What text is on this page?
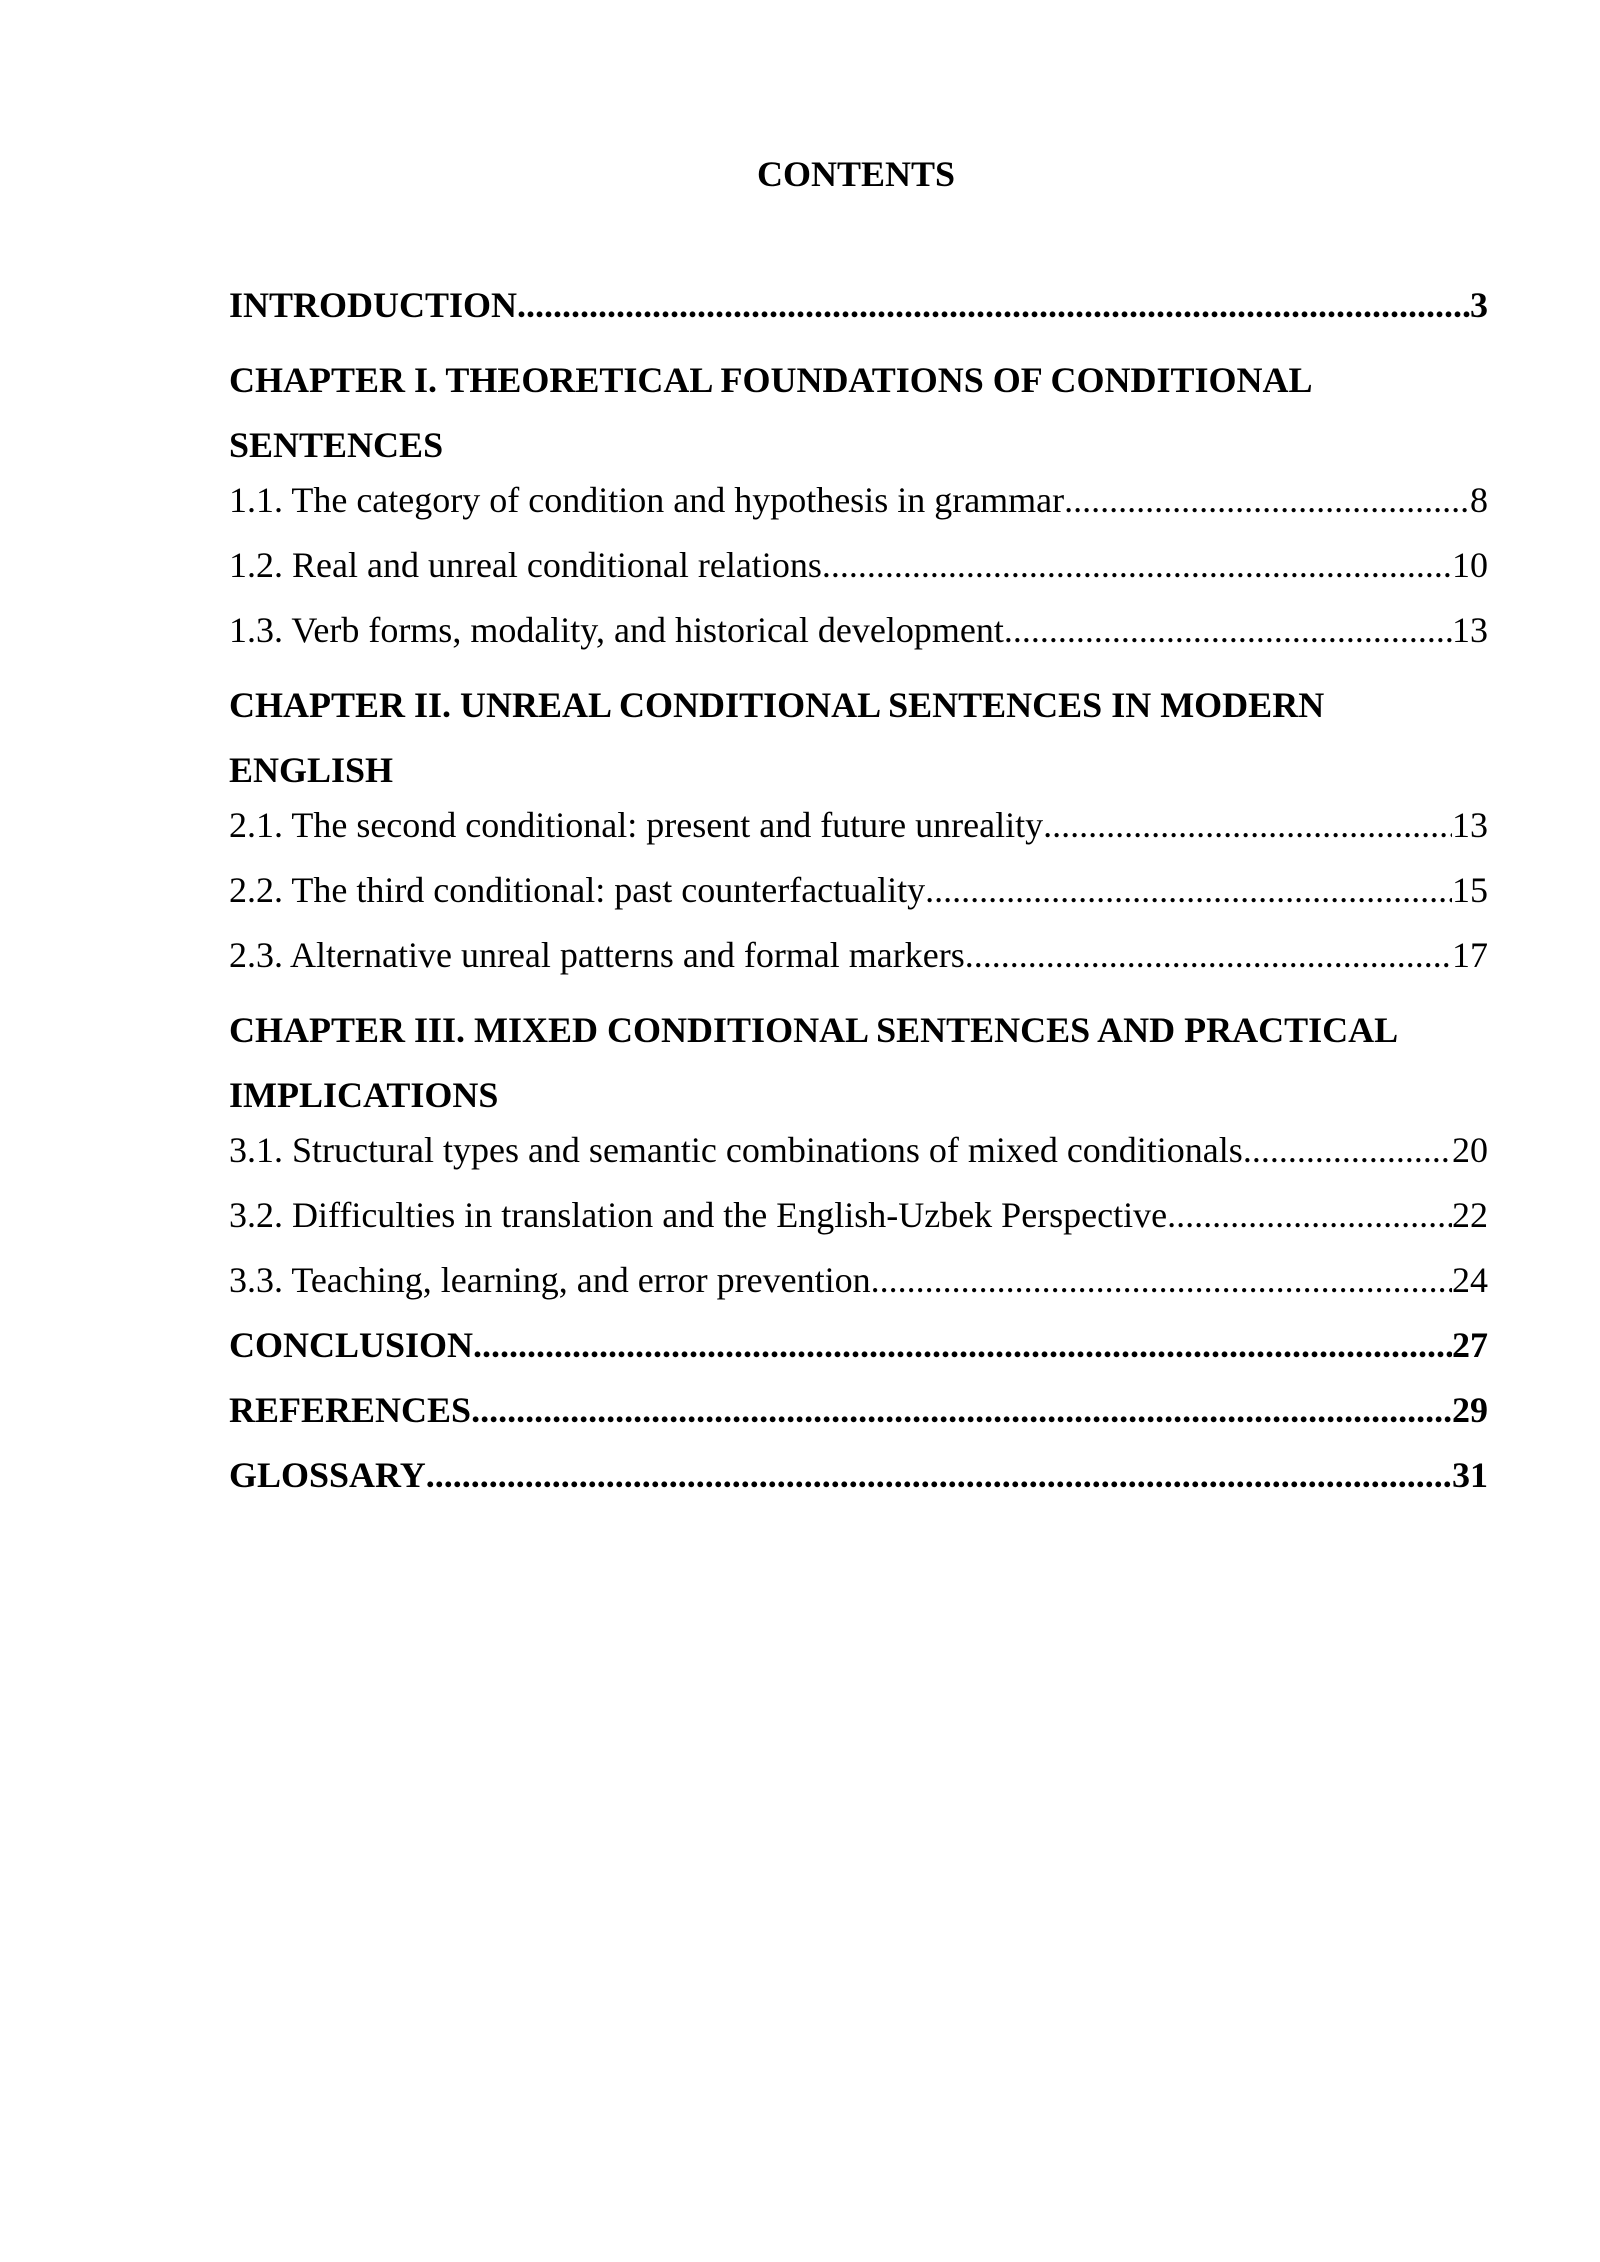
CONTENTS
INTRODUCTION .....	3
CHAPTER I. THEORETICAL FOUNDATIONS OF CONDITIONAL
SENTENCES
1.1. The category of condition and hypothesis in grammar .....	8
1.2. Real and unreal conditional relations .....	10
1.3. Verb forms, modality, and historical development .....	13
CHAPTER II. UNREAL CONDITIONAL SENTENCES IN MODERN
ENGLISH
2.1. The second conditional: present and future unreality .....	13
2.2. The third conditional: past counterfactuality .....	15
2.3. Alternative unreal patterns and formal markers .....	17
CHAPTER III. MIXED CONDITIONAL SENTENCES AND PRACTICAL
IMPLICATIONS
3.1. Structural types and semantic combinations of mixed conditionals .....	20
3.2. Difficulties in translation and the English-Uzbek Perspective .....	22
3.3. Teaching, learning, and error prevention .....	24
CONCLUSION .....	27
REFERENCES .....	29
GLOSSARY .....	31
